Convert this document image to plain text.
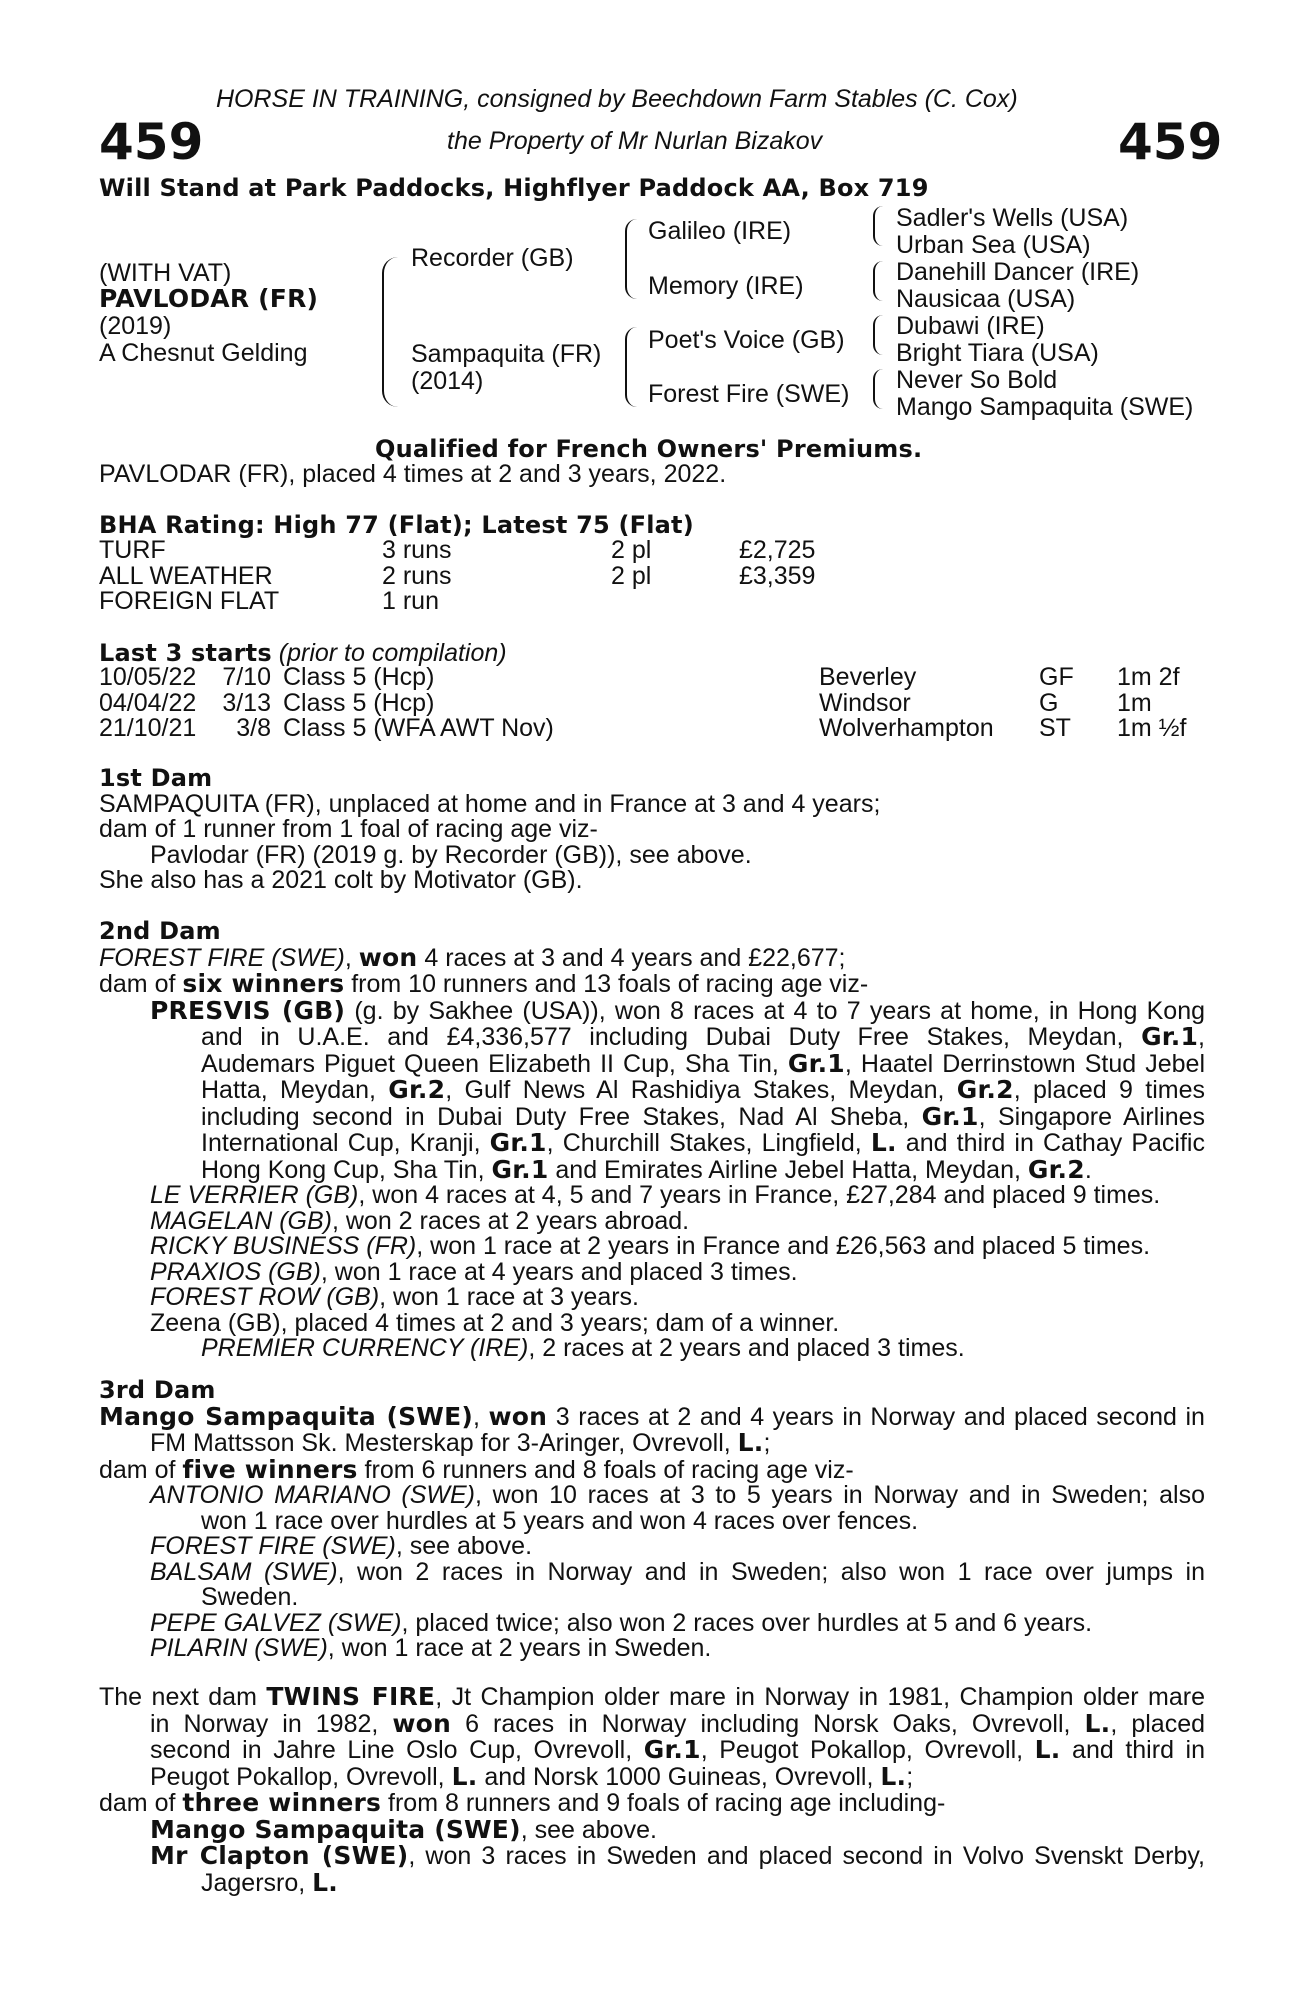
HORSE IN TRAINING, consigned by Beechdown Farm Stables (C. Cox)
459	459
the Property of Mr Nurlan Bizakov
Will Stand at Park Paddocks, Highflyer Paddock AA, Box 719
(WITH VAT)
PAVLODAR (FR)
(2019)
A Chesnut Gelding
Recorder (GB)
Sampaquita (FR)
(2014)
Galileo (IRE)
Memory (IRE)
Poet's Voice (GB)
Forest Fire (SWE)
Sadler's Wells (USA)
Urban Sea (USA)
Danehill Dancer (IRE)
Nausicaa (USA)
Dubawi (IRE)
Bright Tiara (USA)
Never So Bold
Mango Sampaquita (SWE)
Qualified for French Owners' Premiums.
PAVLODAR (FR), placed 4 times at 2 and 3 years, 2022.
BHA Rating: High 77 (Flat); Latest 75 (Flat)
TURF	3 runs	2 pl	£2,725
ALL WEATHER	2 runs	2 pl	£3,359
FOREIGN FLAT	1 run		
Last 3 starts (prior to compilation)
10/05/22	7/10	Class 5 (Hcp)	Beverley	GF	1m 2f
04/04/22	3/13	Class 5 (Hcp)	Windsor	G	1m
21/10/21	3/8	Class 5 (WFA AWT Nov)	Wolverhampton	ST	1m ½f
1st Dam
SAMPAQUITA (FR), unplaced at home and in France at 3 and 4 years;
dam of 1 runner from 1 foal of racing age viz-
Pavlodar (FR) (2019 g. by Recorder (GB)), see above.
She also has a 2021 colt by Motivator (GB).
2nd Dam
FOREST FIRE (SWE), won 4 races at 3 and 4 years and £22,677;
dam of six winners from 10 runners and 13 foals of racing age viz-
PRESVIS (GB) (g. by Sakhee (USA)), won 8 races at 4 to 7 years at home, in Hong Kong
and in U.A.E. and £4,336,577 including Dubai Duty Free Stakes, Meydan, Gr.1,
Audemars Piguet Queen Elizabeth II Cup, Sha Tin, Gr.1, Haatel Derrinstown Stud Jebel
Hatta, Meydan, Gr.2, Gulf News Al Rashidiya Stakes, Meydan, Gr.2, placed 9 times
including second in Dubai Duty Free Stakes, Nad Al Sheba, Gr.1, Singapore Airlines
International Cup, Kranji, Gr.1, Churchill Stakes, Lingfield, L. and third in Cathay Pacific
Hong Kong Cup, Sha Tin, Gr.1 and Emirates Airline Jebel Hatta, Meydan, Gr.2.
LE VERRIER (GB), won 4 races at 4, 5 and 7 years in France, £27,284 and placed 9 times.
MAGELAN (GB), won 2 races at 2 years abroad.
RICKY BUSINESS (FR), won 1 race at 2 years in France and £26,563 and placed 5 times.
PRAXIOS (GB), won 1 race at 4 years and placed 3 times.
FOREST ROW (GB), won 1 race at 3 years.
Zeena (GB), placed 4 times at 2 and 3 years; dam of a winner.
PREMIER CURRENCY (IRE), 2 races at 2 years and placed 3 times.
3rd Dam
Mango Sampaquita (SWE), won 3 races at 2 and 4 years in Norway and placed second in
FM Mattsson Sk. Mesterskap for 3-Aringer, Ovrevoll, L.;
dam of five winners from 6 runners and 8 foals of racing age viz-
ANTONIO MARIANO (SWE), won 10 races at 3 to 5 years in Norway and in Sweden; also
won 1 race over hurdles at 5 years and won 4 races over fences.
FOREST FIRE (SWE), see above.
BALSAM (SWE), won 2 races in Norway and in Sweden; also won 1 race over jumps in
Sweden.
PEPE GALVEZ (SWE), placed twice; also won 2 races over hurdles at 5 and 6 years.
PILARIN (SWE), won 1 race at 2 years in Sweden.
The next dam TWINS FIRE, Jt Champion older mare in Norway in 1981, Champion older mare
in Norway in 1982, won 6 races in Norway including Norsk Oaks, Ovrevoll, L., placed
second in Jahre Line Oslo Cup, Ovrevoll, Gr.1, Peugot Pokallop, Ovrevoll, L. and third in
Peugot Pokallop, Ovrevoll, L. and Norsk 1000 Guineas, Ovrevoll, L.;
dam of three winners from 8 runners and 9 foals of racing age including-
Mango Sampaquita (SWE), see above.
Mr Clapton (SWE), won 3 races in Sweden and placed second in Volvo Svenskt Derby,
Jagersro, L.
